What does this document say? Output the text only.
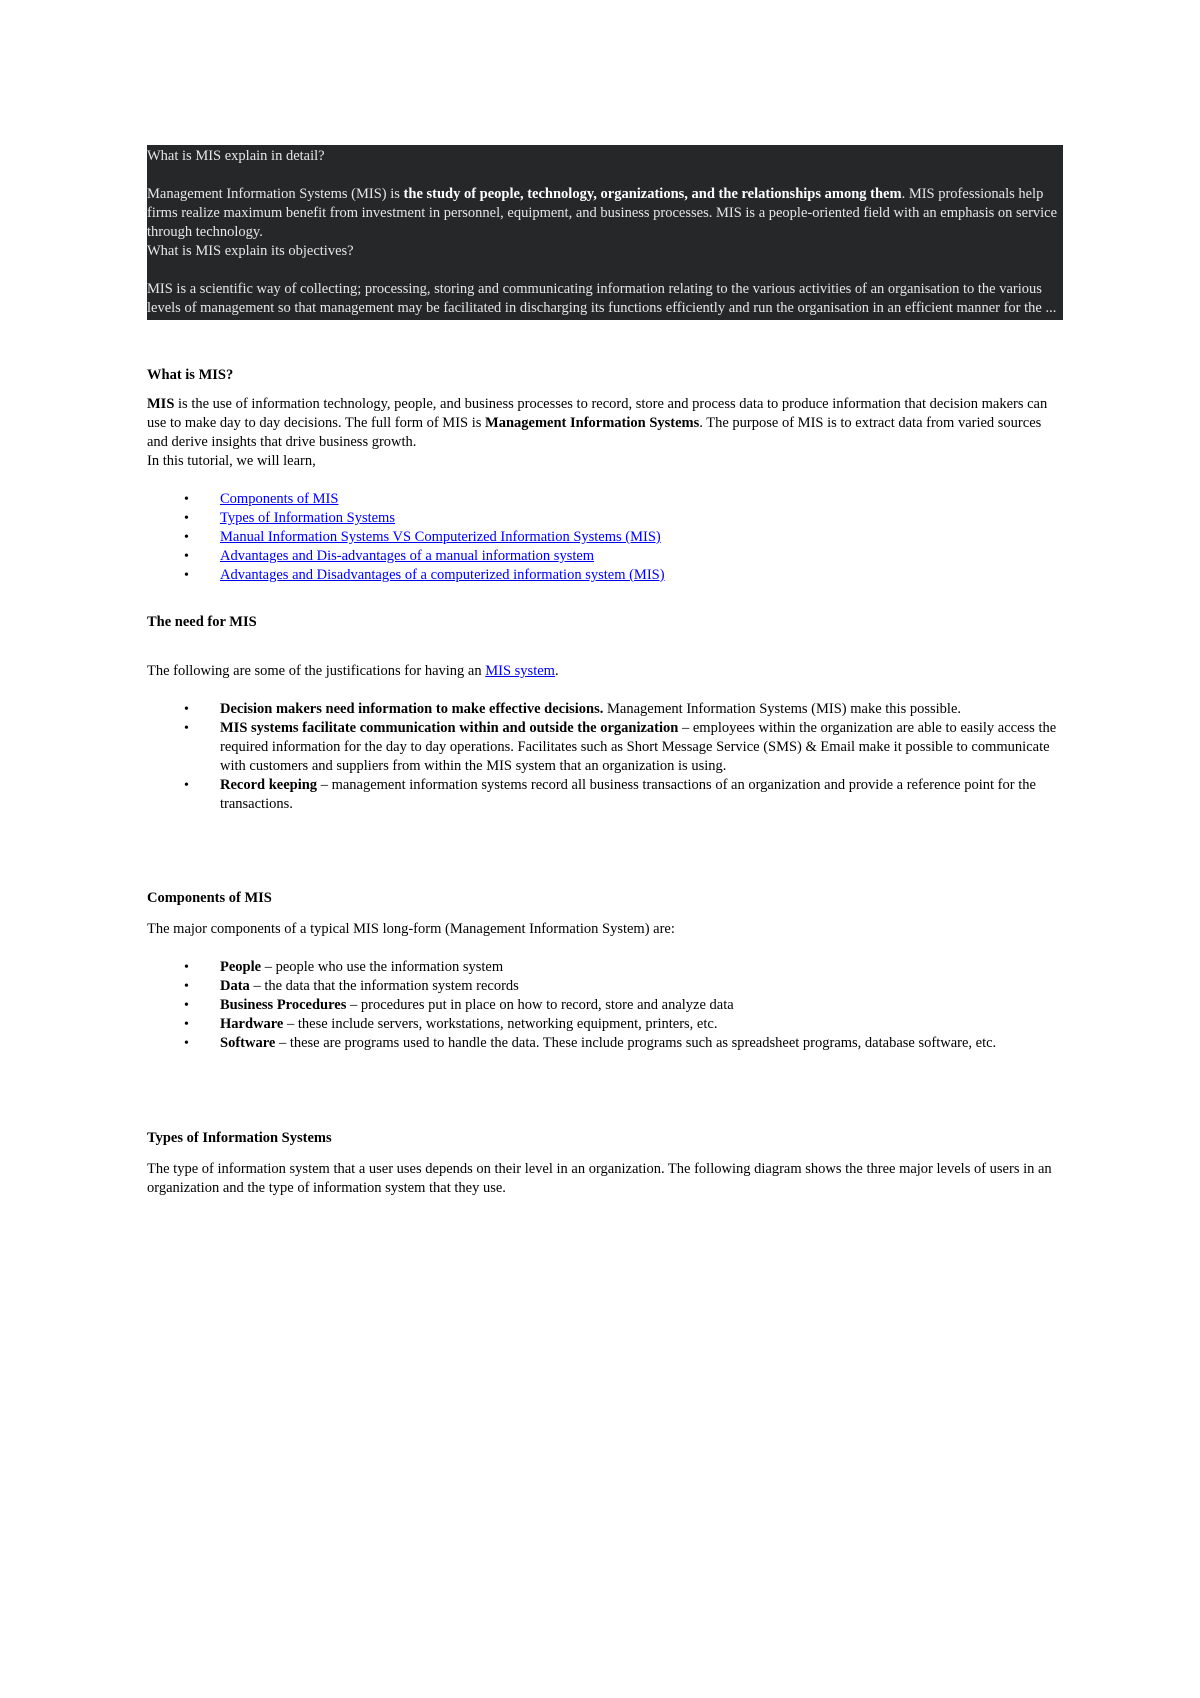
What is MIS explain in detail?

Management Information Systems (MIS) is the study of people, technology, organizations, and the relationships among them. MIS professionals help firms realize maximum benefit from investment in personnel, equipment, and business processes. MIS is a people-oriented field with an emphasis on service through technology.

What is MIS explain its objectives?

MIS is a scientific way of collecting; processing, storing and communicating information relating to the various activities of an organisation to the various levels of management so that management may be facilitated in discharging its functions efficiently and run the organisation in an efficient manner for the ...

What is MIS?

MIS is the use of information technology, people, and business processes to record, store and process data to produce information that decision makers can use to make day to day decisions. The full form of MIS is Management Information Systems. The purpose of MIS is to extract data from varied sources and derive insights that drive business growth.

In this tutorial, we will learn,

• Components of MIS
• Types of Information Systems
• Manual Information Systems VS Computerized Information Systems (MIS)
• Advantages and Dis-advantages of a manual information system
• Advantages and Disadvantages of a computerized information system (MIS)
The need for MIS

The following are some of the justifications for having an MIS system.

• Decision makers need information to make effective decisions. Management Information Systems (MIS) make this possible.
• MIS systems facilitate communication within and outside the organization – employees within the organization are able to easily access the required information for the day to day operations. Facilitates such as Short Message Service (SMS) & Email make it possible to communicate with customers and suppliers from within the MIS system that an organization is using.
• Record keeping – management information systems record all business transactions of an organization and provide a reference point for the transactions.
Components of MIS

The major components of a typical MIS long-form (Management Information System) are:

• People – people who use the information system
• Data – the data that the information system records
• Business Procedures – procedures put in place on how to record, store and analyze data
• Hardware – these include servers, workstations, networking equipment, printers, etc.
• Software – these are programs used to handle the data. These include programs such as spreadsheet programs, database software, etc.
Types of Information Systems

The type of information system that a user uses depends on their level in an organization. The following diagram shows the three major levels of users in an organization and the type of information system that they use.
